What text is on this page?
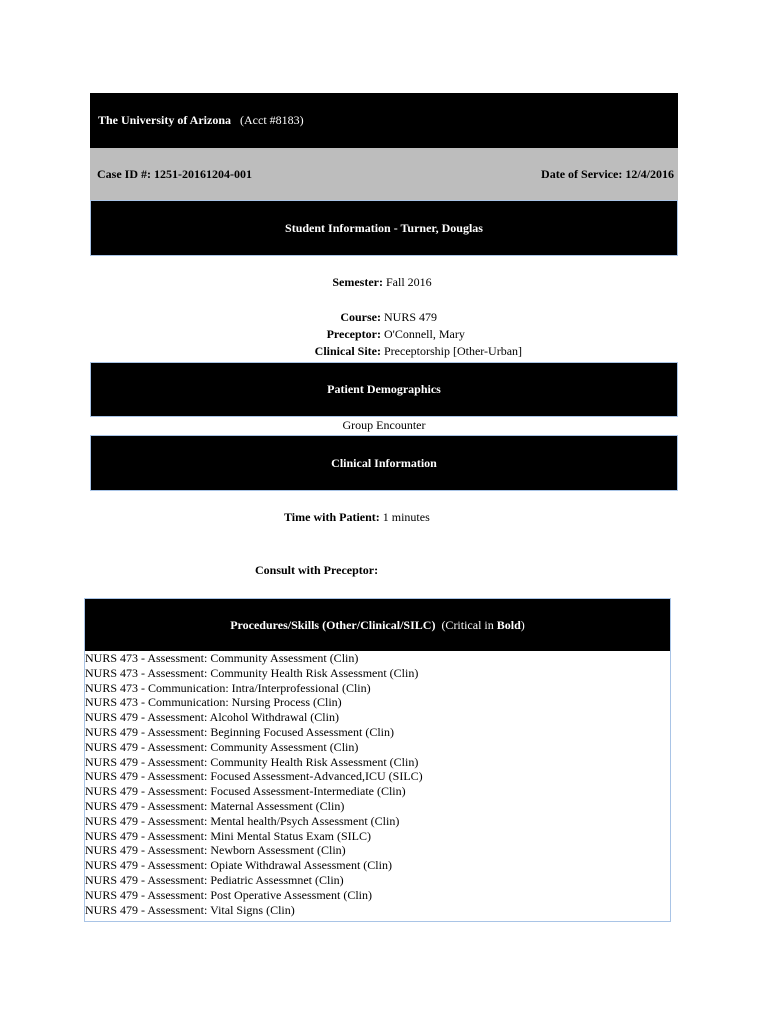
The University of Arizona (Acct #8183)
Case ID #: 1251-20161204-001	Date of Service: 12/4/2016
Student Information - Turner, Douglas
Semester: Fall 2016
Course: NURS 479
Preceptor: O'Connell, Mary
Clinical Site: Preceptorship [Other-Urban]
Patient Demographics
Group Encounter
Clinical Information
Time with Patient: 1 minutes
Consult with Preceptor:
Procedures/Skills (Other/Clinical/SILC)
(Critical in
Bold )
NURS 473 - Assessment: Community Assessment (Clin)
NURS 473 - Assessment: Community Health Risk Assessment (Clin)
NURS 473 - Communication: Intra/Interprofessional (Clin)
NURS 473 - Communication: Nursing Process (Clin)
NURS 479 - Assessment: Alcohol Withdrawal (Clin)
NURS 479 - Assessment: Beginning Focused Assessment (Clin)
NURS 479 - Assessment: Community Assessment (Clin)
NURS 479 - Assessment: Community Health Risk Assessment (Clin)
NURS 479 - Assessment: Focused Assessment-Advanced,ICU (SILC)
NURS 479 - Assessment: Focused Assessment-Intermediate (Clin)
NURS 479 - Assessment: Maternal Assessment (Clin)
NURS 479 - Assessment: Mental health/Psych Assessment (Clin)
NURS 479 - Assessment: Mini Mental Status Exam (SILC)
NURS 479 - Assessment: Newborn Assessment (Clin)
NURS 479 - Assessment: Opiate Withdrawal Assessment (Clin)
NURS 479 - Assessment: Pediatric Assessmnet (Clin)
NURS 479 - Assessment: Post Operative Assessment (Clin)
NURS 479 - Assessment: Vital Signs (Clin)
